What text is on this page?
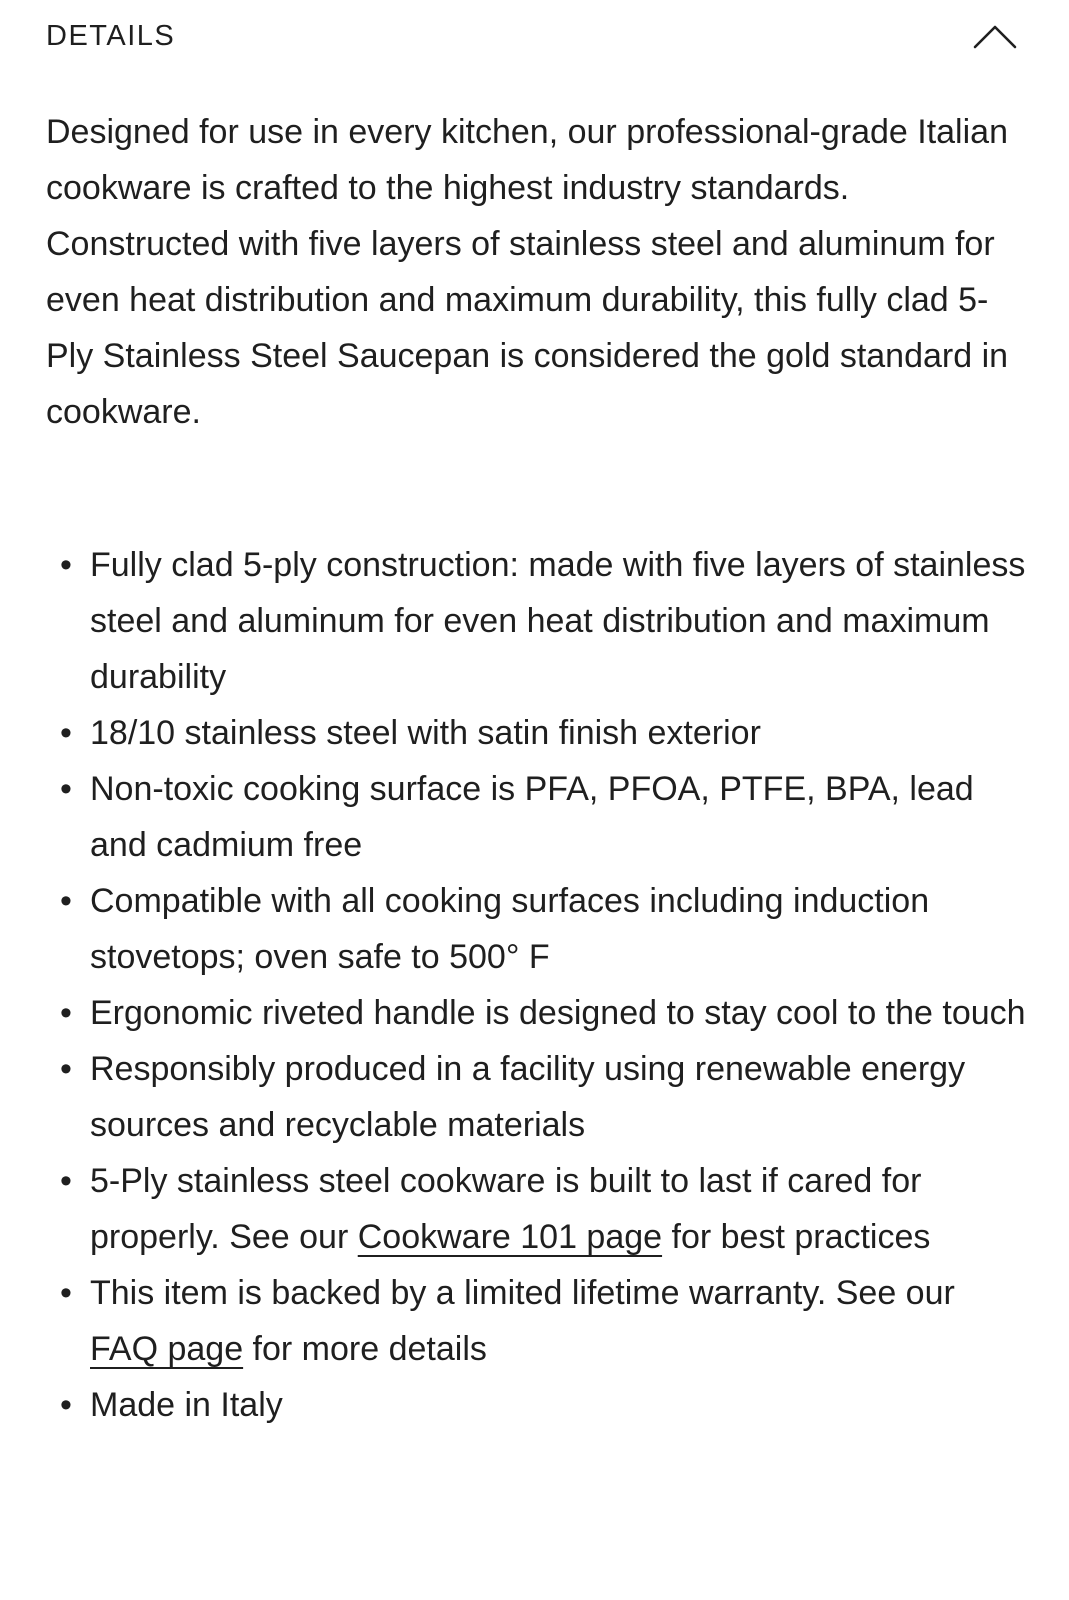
DETAILS

Designed for use in every kitchen, our professional-grade Italian cookware is crafted to the highest industry standards. Constructed with five layers of stainless steel and aluminum for even heat distribution and maximum durability, this fully clad 5-Ply Stainless Steel Saucepan is considered the gold standard in cookware.

• Fully clad 5-ply construction: made with five layers of stainless steel and aluminum for even heat distribution and maximum durability
• 18/10 stainless steel with satin finish exterior
• Non-toxic cooking surface is PFA, PFOA, PTFE, BPA, lead and cadmium free
• Compatible with all cooking surfaces including induction stovetops; oven safe to 500° F
• Ergonomic riveted handle is designed to stay cool to the touch
• Responsibly produced in a facility using renewable energy sources and recyclable materials
• 5-Ply stainless steel cookware is built to last if cared for properly. See our Cookware 101 page for best practices
• This item is backed by a limited lifetime warranty. See our FAQ page for more details
• Made in Italy
